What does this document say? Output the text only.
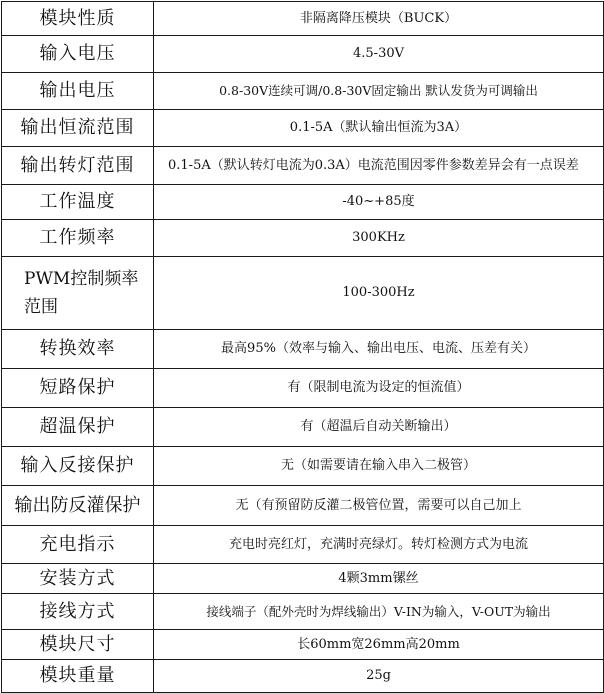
模块性质	非隔离降压模块（BUCK）
输入电压	4.5-30V
输出电压	0.8-30V连续可调/0.8-30V固定输出 默认发货为可调输出
输出恒流范围	0.1-5A（默认输出恒流为3A）
输出转灯范围	0.1-5A（默认转灯电流为0.3A）电流范围因零件参数差异会有一点误差
工作温度	-40~+85度
工作频率	300KHz
PWM控制频率范围	100-300Hz
转换效率	最高95%（效率与输入、输出电压、电流、压差有关）
短路保护	有（限制电流为设定的恒流值）
超温保护	有（超温后自动关断输出）
输入反接保护	无（如需要请在输入串入二极管）
输出防反灌保护	无（有预留防反灌二极管位置，需要可以自己加上
充电指示	充电时亮红灯，充满时亮绿灯。转灯检测方式为电流
安装方式	4颗3mm镙丝
接线方式	接线端子（配外壳时为焊线输出）V-IN为输入，V-OUT为输出
模块尺寸	长60mm宽26mm高20mm
模块重量	25g
